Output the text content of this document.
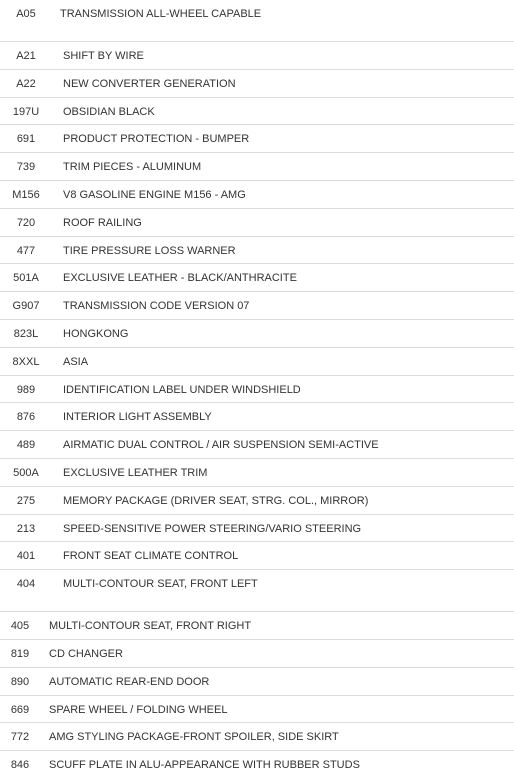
A05	TRANSMISSION ALL-WHEEL CAPABLE
A21	SHIFT BY WIRE
A22	NEW CONVERTER GENERATION
197U	OBSIDIAN BLACK
691	PRODUCT PROTECTION - BUMPER
739	TRIM PIECES - ALUMINUM
M156	V8 GASOLINE ENGINE M156 - AMG
720	ROOF RAILING
477	TIRE PRESSURE LOSS WARNER
501A	EXCLUSIVE LEATHER - BLACK/ANTHRACITE
G907	TRANSMISSION CODE VERSION 07
823L	HONGKONG
8XXL	ASIA
989	IDENTIFICATION LABEL UNDER WINDSHIELD
876	INTERIOR LIGHT ASSEMBLY
489	AIRMATIC DUAL CONTROL / AIR SUSPENSION SEMI-ACTIVE
500A	EXCLUSIVE LEATHER TRIM
275	MEMORY PACKAGE (DRIVER SEAT, STRG. COL., MIRROR)
213	SPEED-SENSITIVE POWER STEERING/VARIO STEERING
401	FRONT SEAT CLIMATE CONTROL
404	MULTI-CONTOUR SEAT, FRONT LEFT
405	MULTI-CONTOUR SEAT, FRONT RIGHT
819	CD CHANGER
890	AUTOMATIC REAR-END DOOR
669	SPARE WHEEL / FOLDING WHEEL
772	AMG STYLING PACKAGE-FRONT SPOILER, SIDE SKIRT
846	SCUFF PLATE IN ALU-APPEARANCE WITH RUBBER STUDS
